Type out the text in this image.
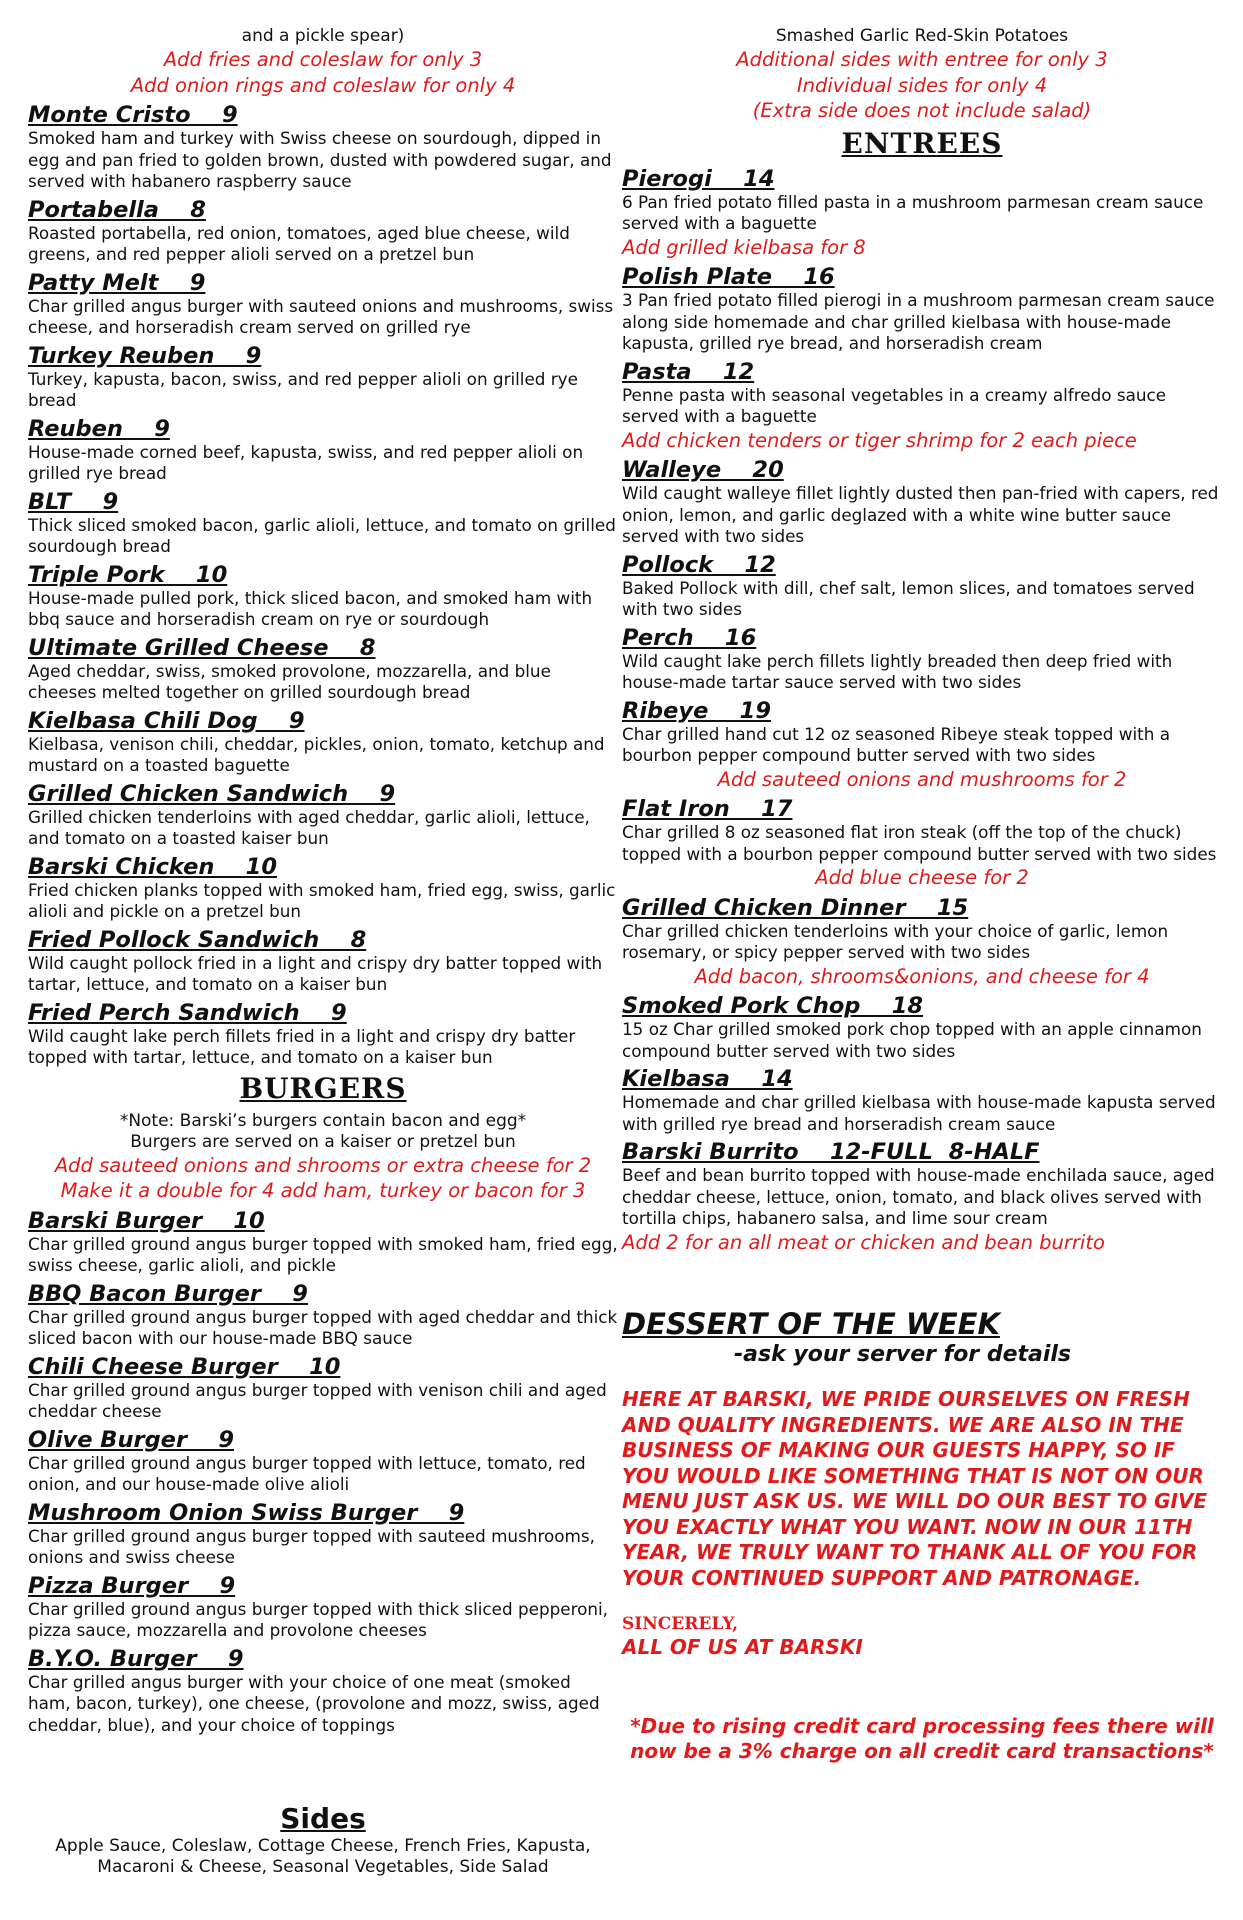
and a pickle spear)
Add fries and coleslaw for only 3
Add onion rings and coleslaw for only 4
Monte Cristo    9
Smoked ham and turkey with Swiss cheese on sourdough, dipped in egg and pan fried to golden brown, dusted with powdered sugar, and served with habanero raspberry sauce
Portabella    8
Roasted portabella, red onion, tomatoes, aged blue cheese, wild greens, and red pepper alioli served on a pretzel bun
Patty Melt    9
Char grilled angus burger with sauteed onions and mushrooms, swiss cheese, and horseradish cream served on grilled rye
Turkey Reuben    9
Turkey, kapusta, bacon, swiss, and red pepper alioli on grilled rye bread
Reuben    9
House-made corned beef, kapusta, swiss, and red pepper alioli on grilled rye bread
BLT    9
Thick sliced smoked bacon, garlic alioli, lettuce, and tomato on grilled sourdough bread
Triple Pork    10
House-made pulled pork, thick sliced bacon, and smoked ham with bbq sauce and horseradish cream on rye or sourdough
Ultimate Grilled Cheese    8
Aged cheddar, swiss, smoked provolone, mozzarella, and blue cheeses melted together on grilled sourdough bread
Kielbasa Chili Dog    9
Kielbasa, venison chili, cheddar, pickles, onion, tomato, ketchup and mustard on a toasted baguette
Grilled Chicken Sandwich    9
Grilled chicken tenderloins with aged cheddar, garlic alioli, lettuce, and tomato on a toasted kaiser bun
Barski Chicken    10
Fried chicken planks topped with smoked ham, fried egg, swiss, garlic alioli and pickle on a pretzel bun
Fried Pollock Sandwich    8
Wild caught pollock fried in a light and crispy dry batter topped with tartar, lettuce, and tomato on a kaiser bun
Fried Perch Sandwich    9
Wild caught lake perch fillets fried in a light and crispy dry batter topped with tartar, lettuce, and tomato on a kaiser bun
BURGERS
*Note: Barski’s burgers contain bacon and egg*
Burgers are served on a kaiser or pretzel bun
Add sauteed onions and shrooms or extra cheese for 2
Make it a double for 4 add ham, turkey or bacon for 3
Barski Burger    10
Char grilled ground angus burger topped with smoked ham, fried egg, swiss cheese, garlic alioli, and pickle
BBQ Bacon Burger    9
Char grilled ground angus burger topped with aged cheddar and thick sliced bacon with our house-made BBQ sauce
Chili Cheese Burger    10
Char grilled ground angus burger topped with venison chili and aged cheddar cheese
Olive Burger    9
Char grilled ground angus burger topped with lettuce, tomato, red onion, and our house-made olive alioli
Mushroom Onion Swiss Burger    9
Char grilled ground angus burger topped with sauteed mushrooms, onions and swiss cheese
Pizza Burger    9
Char grilled ground angus burger topped with thick sliced pepperoni, pizza sauce, mozzarella and provolone cheeses
B.Y.O. Burger    9
Char grilled angus burger with your choice of one meat (smoked ham, bacon, turkey), one cheese, (provolone and mozz, swiss, aged cheddar, blue), and your choice of toppings
Sides
Apple Sauce, Coleslaw, Cottage Cheese, French Fries, Kapusta, Macaroni & Cheese, Seasonal Vegetables, Side Salad
Smashed Garlic Red-Skin Potatoes
Additional sides with entree for only 3
Individual sides for only 4
(Extra side does not include salad)
ENTREES
Pierogi    14
6 Pan fried potato filled pasta in a mushroom parmesan cream sauce served with a baguette
Add grilled kielbasa for 8
Polish Plate    16
3 Pan fried potato filled pierogi in a mushroom parmesan cream sauce along side homemade and char grilled kielbasa with house-made kapusta, grilled rye bread, and horseradish cream
Pasta    12
Penne pasta with seasonal vegetables in a creamy alfredo sauce served with a baguette
Add chicken tenders or tiger shrimp for 2 each piece
Walleye    20
Wild caught walleye fillet lightly dusted then pan-fried with capers, red onion, lemon, and garlic deglazed with a white wine butter sauce served with two sides
Pollock    12
Baked Pollock with dill, chef salt, lemon slices, and tomatoes served with two sides
Perch    16
Wild caught lake perch fillets lightly breaded then deep fried with house-made tartar sauce served with two sides
Ribeye    19
Char grilled hand cut 12 oz seasoned Ribeye steak topped with a bourbon pepper compound butter served with two sides
Add sauteed onions and mushrooms for 2
Flat Iron    17
Char grilled 8 oz seasoned flat iron steak (off the top of the chuck) topped with a bourbon pepper compound butter served with two sides
Add blue cheese for 2
Grilled Chicken Dinner    15
Char grilled chicken tenderloins with your choice of garlic, lemon rosemary, or spicy pepper served with two sides
Add bacon, shrooms&onions, and cheese for 4
Smoked Pork Chop    18
15 oz Char grilled smoked pork chop topped with an apple cinnamon compound butter served with two sides
Kielbasa    14
Homemade and char grilled kielbasa with house-made kapusta served with grilled rye bread and horseradish cream sauce
Barski Burrito    12-FULL  8-HALF
Beef and bean burrito topped with house-made enchilada sauce, aged cheddar cheese, lettuce, onion, tomato, and black olives served with tortilla chips, habanero salsa, and lime sour cream
Add 2 for an all meat or chicken and bean burrito
DESSERT OF THE WEEK
-ask your server for details
HERE AT BARSKI, WE PRIDE OURSELVES ON FRESH AND QUALITY INGREDIENTS. WE ARE ALSO IN THE BUSINESS OF MAKING OUR GUESTS HAPPY, SO IF YOU WOULD LIKE SOMETHING THAT IS NOT ON OUR MENU JUST ASK US. WE WILL DO OUR BEST TO GIVE YOU EXACTLY WHAT YOU WANT. NOW IN OUR 11TH YEAR, WE TRULY WANT TO THANK ALL OF YOU FOR YOUR CONTINUED SUPPORT AND PATRONAGE.
SINCERELY,
ALL OF US AT BARSKI
*Due to rising credit card processing fees there will now be a 3% charge on all credit card transactions*
